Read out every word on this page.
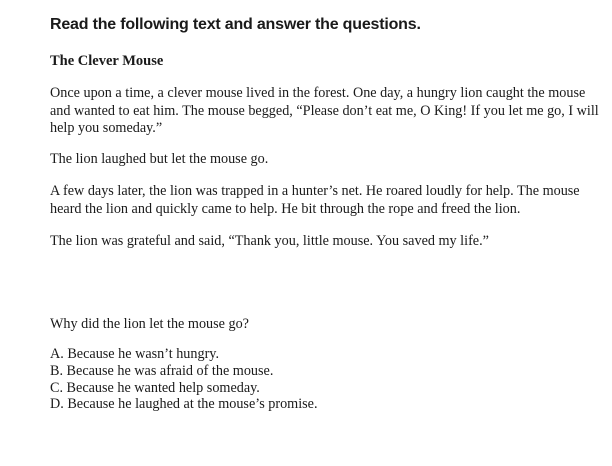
Read the following text and answer the questions.
The Clever Mouse

Once upon a time, a clever mouse lived in the forest. One day, a hungry lion caught the mouse
and wanted to eat him. The mouse begged, “Please don’t eat me, O King! If you let me go, I will
help you someday.”

The lion laughed but let the mouse go.

A few days later, the lion was trapped in a hunter’s net. He roared loudly for help. The mouse
heard the lion and quickly came to help. He bit through the rope and freed the lion.

The lion was grateful and said, “Thank you, little mouse. You saved my life.”

Why did the lion let the mouse go?
A. Because he wasn’t hungry.
B. Because he was afraid of the mouse.
C. Because he wanted help someday.
D. Because he laughed at the mouse’s promise.
